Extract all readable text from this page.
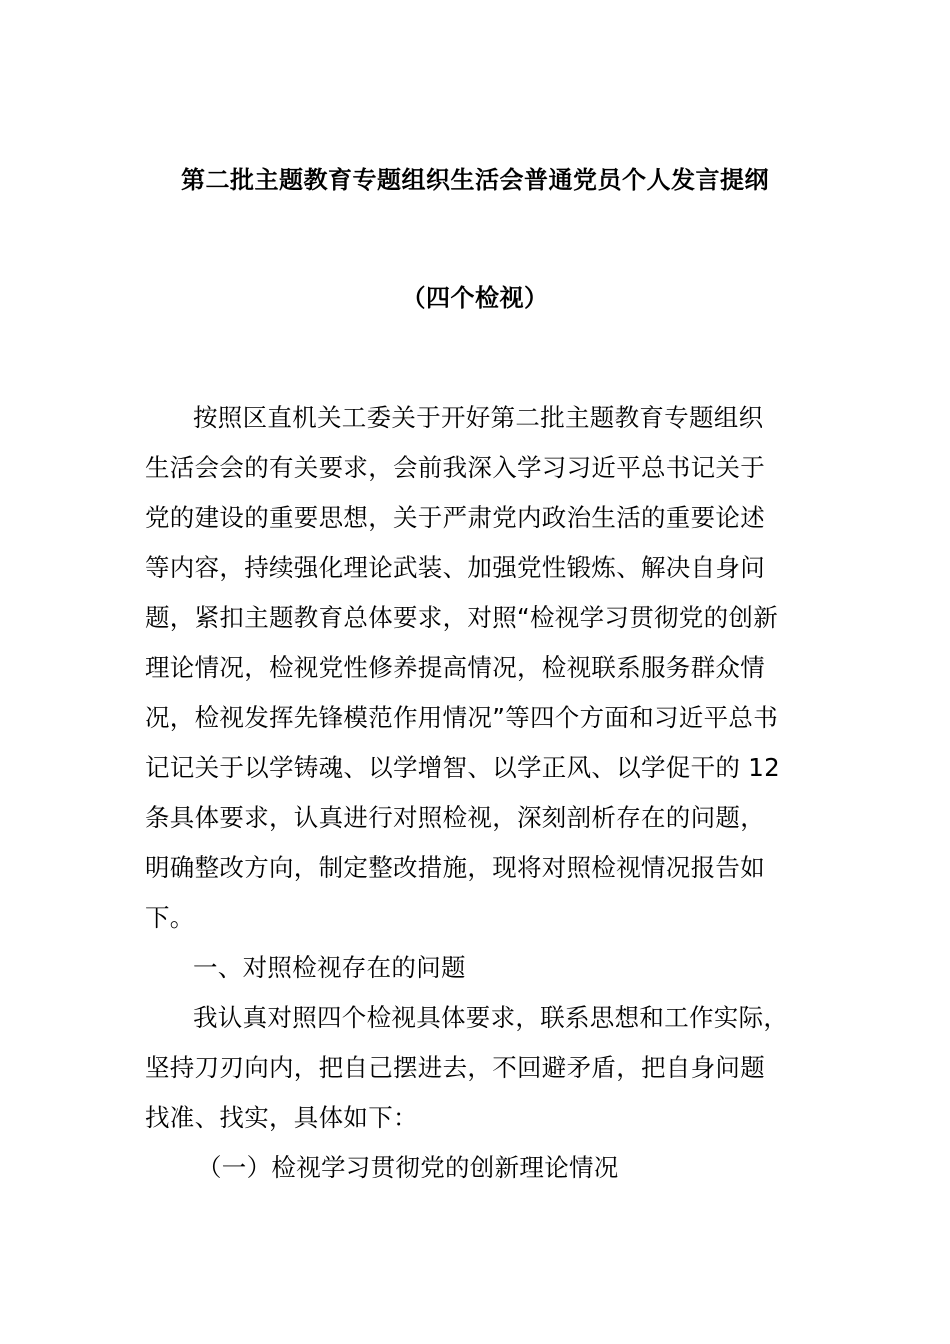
第二批主题教育专题组织生活会普通党员个人发言提纲
（四个检视）
按照区直机关工委关于开好第二批主题教育专题组织
生活会会的有关要求，会前我深入学习习近平总书记关于
党的建设的重要思想，关于严肃党内政治生活的重要论述
等内容，持续强化理论武装、加强党性锻炼、解决自身问
题，紧扣主题教育总体要求，对照“检视学习贯彻党的创新
理论情况，检视党性修养提高情况，检视联系服务群众情
况，检视发挥先锋模范作用情况”等四个方面和习近平总书
记记关于以学铸魂、以学增智、以学正风、以学促干的 12
条具体要求，认真进行对照检视，深刻剖析存在的问题，
明确整改方向，制定整改措施，现将对照检视情况报告如
下。
一、对照检视存在的问题
我认真对照四个检视具体要求，联系思想和工作实际，
坚持刀刃向内，把自己摆进去，不回避矛盾，把自身问题
找准、找实，具体如下：
（一）检视学习贯彻党的创新理论情况
